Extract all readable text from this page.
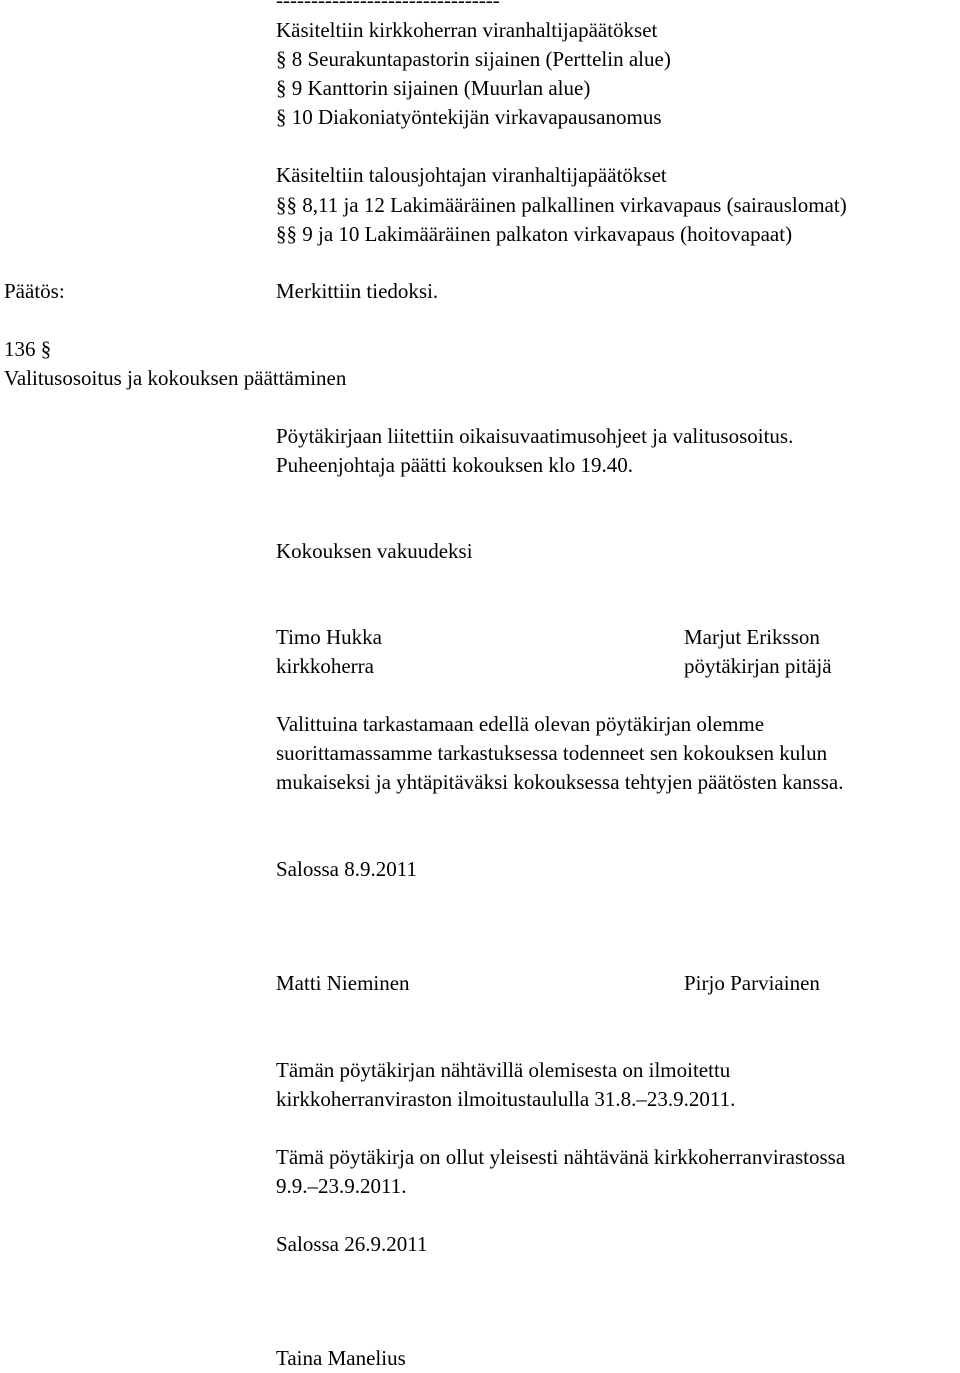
--------------------------------
Käsiteltiin kirkkoherran viranhaltijapäätökset
§ 8 Seurakuntapastorin sijainen (Perttelin alue)
§ 9 Kanttorin sijainen (Muurlan alue)
§ 10 Diakoniatyöntekijän virkavapausanomus
Käsiteltiin talousjohtajan viranhaltijapäätökset
§§ 8,11 ja 12 Lakimääräinen palkallinen virkavapaus (sairauslomat)
§§ 9 ja 10 Lakimääräinen palkaton virkavapaus (hoitovapaat)
Päätös:	Merkittiin tiedoksi.
136 §
Valitusosoitus ja kokouksen päättäminen
Pöytäkirjaan liitettiin oikaisuvaatimusohjeet ja valitusosoitus.
Puheenjohtaja päätti kokouksen klo 19.40.
Kokouksen vakuudeksi
Timo Hukka
kirkkoherra
Marjut Eriksson
pöytäkirjan pitäjä
Valittuina tarkastamaan edellä olevan pöytäkirjan olemme
suorittamassamme tarkastuksessa todenneet sen kokouksen kulun
mukaiseksi ja yhtäpitäväksi kokouksessa tehtyjen päätösten kanssa.
Salossa 8.9.2011
Matti Nieminen	Pirjo Parviainen
Tämän pöytäkirjan nähtävillä olemisesta on ilmoitettu
kirkkoherranviraston ilmoitustaululla 31.8.–23.9.2011.
Tämä pöytäkirja on ollut yleisesti nähtävänä kirkkoherranvirastossa
9.9.–23.9.2011.
Salossa 26.9.2011
Taina Manelius
